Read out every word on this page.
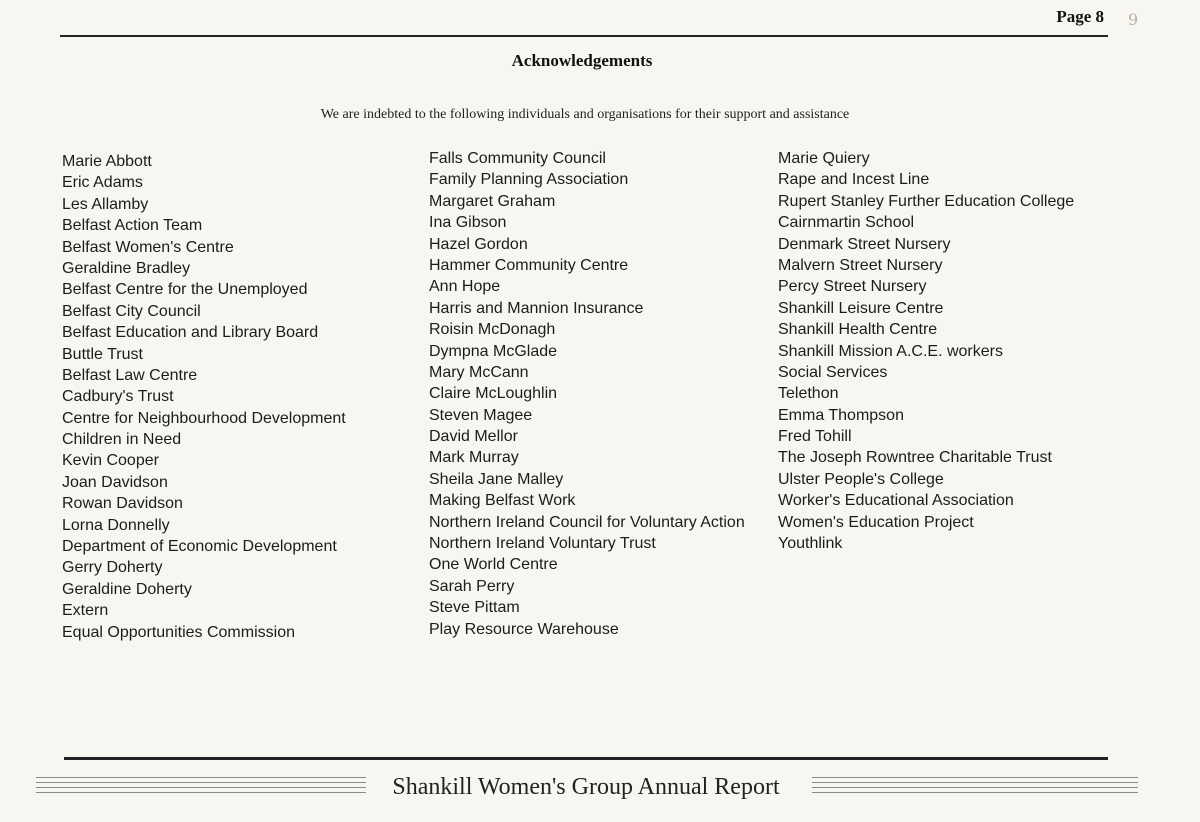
Page 8 9
Acknowledgements
We are indebted to the following individuals and organisations for their support and assistance
Marie Abbott
Eric Adams
Les Allamby
Belfast Action Team
Belfast Women's Centre
Geraldine Bradley
Belfast Centre for the Unemployed
Belfast City Council
Belfast Education and Library Board
Buttle Trust
Belfast Law Centre
Cadbury's Trust
Centre for Neighbourhood Development
Children in Need
Kevin Cooper
Joan Davidson
Rowan Davidson
Lorna Donnelly
Department of Economic Development
Gerry Doherty
Geraldine Doherty
Extern
Equal Opportunities Commission
Falls Community Council
Family Planning Association
Margaret Graham
Ina Gibson
Hazel Gordon
Hammer Community Centre
Ann Hope
Harris and Mannion Insurance
Roisin McDonagh
Dympna McGlade
Mary McCann
Claire McLoughlin
Steven Magee
David Mellor
Mark Murray
Sheila Jane Malley
Making Belfast Work
Northern Ireland Council for Voluntary Action
Northern Ireland Voluntary Trust
One World Centre
Sarah Perry
Steve Pittam
Play Resource Warehouse
Marie Quiery
Rape and Incest Line
Rupert Stanley Further Education College
Cairnmartin School
Denmark Street Nursery
Malvern Street Nursery
Percy Street Nursery
Shankill Leisure Centre
Shankill Health Centre
Shankill Mission A.C.E. workers
Social Services
Telethon
Emma Thompson
Fred Tohill
The Joseph Rowntree Charitable Trust
Ulster People's College
Worker's Educational Association
Women's Education Project
Youthlink
Shankill Women's Group Annual Report
